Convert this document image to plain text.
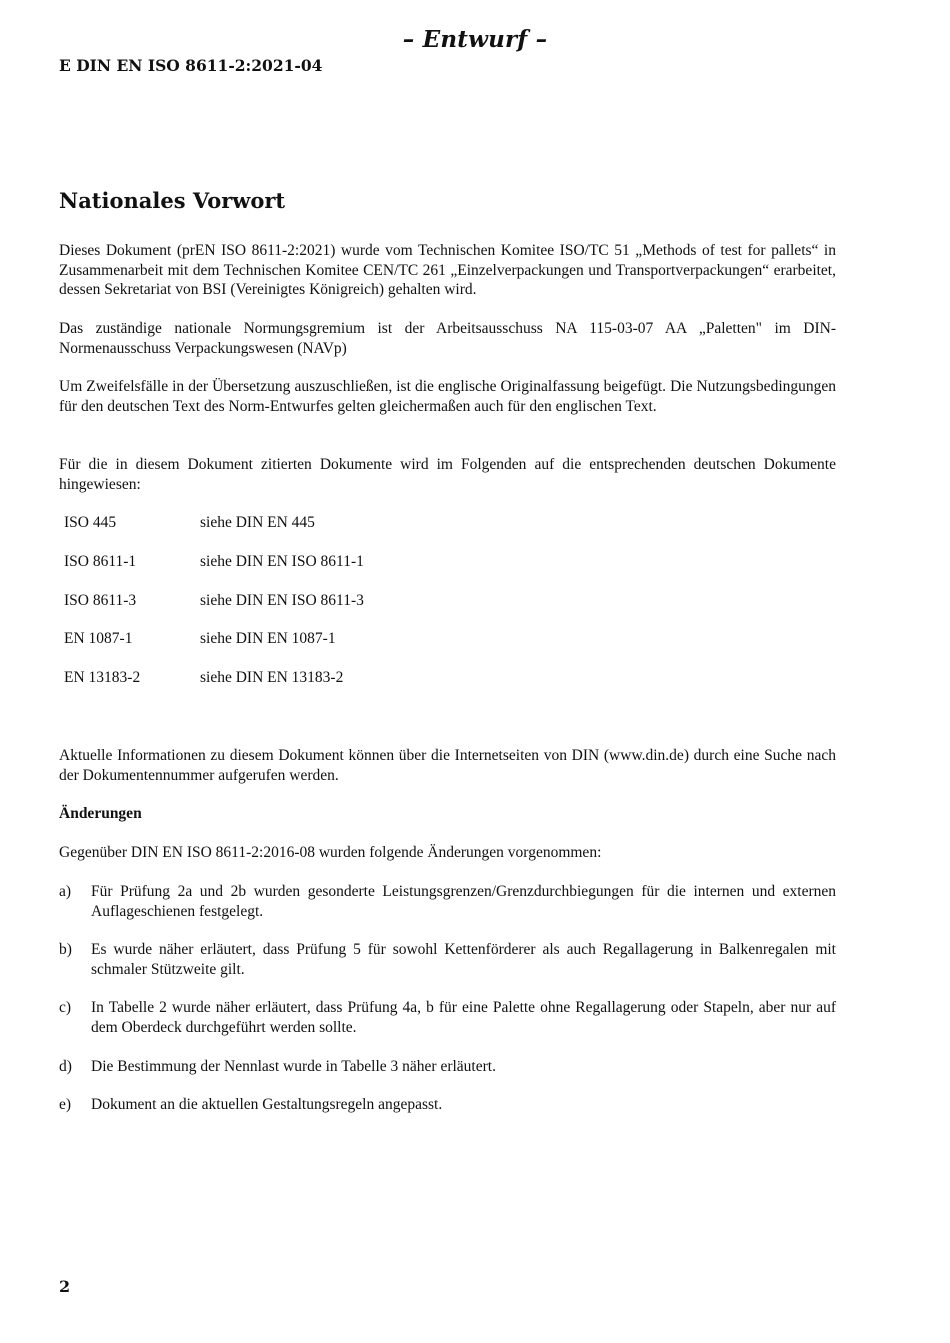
– Entwurf –
E DIN EN ISO 8611-2:2021-04
Nationales Vorwort

Dieses Dokument (prEN ISO 8611-2:2021) wurde vom Technischen Komitee ISO/TC 51 „Methods of test for pallets“ in Zusammenarbeit mit dem Technischen Komitee CEN/TC 261 „Einzelverpackungen und Transportverpackungen“ erarbeitet, dessen Sekretariat von BSI (Vereinigtes Königreich) gehalten wird.

Das zuständige nationale Normungsgremium ist der Arbeitsausschuss NA 115-03-07 AA „Paletten" im DIN-Normenausschuss Verpackungswesen (NAVp)

Um Zweifelsfälle in der Übersetzung auszuschließen, ist die englische Originalfassung beigefügt. Die Nutzungsbedingungen für den deutschen Text des Norm-Entwurfes gelten gleichermaßen auch für den englischen Text.

Für die in diesem Dokument zitierten Dokumente wird im Folgenden auf die entsprechenden deutschen Dokumente hingewiesen:

ISO 445	siehe DIN EN 445
ISO 8611-1	siehe DIN EN ISO 8611-1
ISO 8611-3	siehe DIN EN ISO 8611-3
EN 1087-1	siehe DIN EN 1087-1
EN 13183-2	siehe DIN EN 13183-2

Aktuelle Informationen zu diesem Dokument können über die Internetseiten von DIN (www.din.de) durch eine Suche nach der Dokumentennummer aufgerufen werden.

Änderungen

Gegenüber DIN EN ISO 8611-2:2016-08 wurden folgende Änderungen vorgenommen:

a) Für Prüfung 2a und 2b wurden gesonderte Leistungsgrenzen/Grenzdurchbiegungen für die internen und externen Auflageschienen festgelegt.
b) Es wurde näher erläutert, dass Prüfung 5 für sowohl Kettenförderer als auch Regallagerung in Balkenregalen mit schmaler Stützweite gilt.
c) In Tabelle 2 wurde näher erläutert, dass Prüfung 4a, b für eine Palette ohne Regallagerung oder Stapeln, aber nur auf dem Oberdeck durchgeführt werden sollte.
d) Die Bestimmung der Nennlast wurde in Tabelle 3 näher erläutert.
e) Dokument an die aktuellen Gestaltungsregeln angepasst.
2
